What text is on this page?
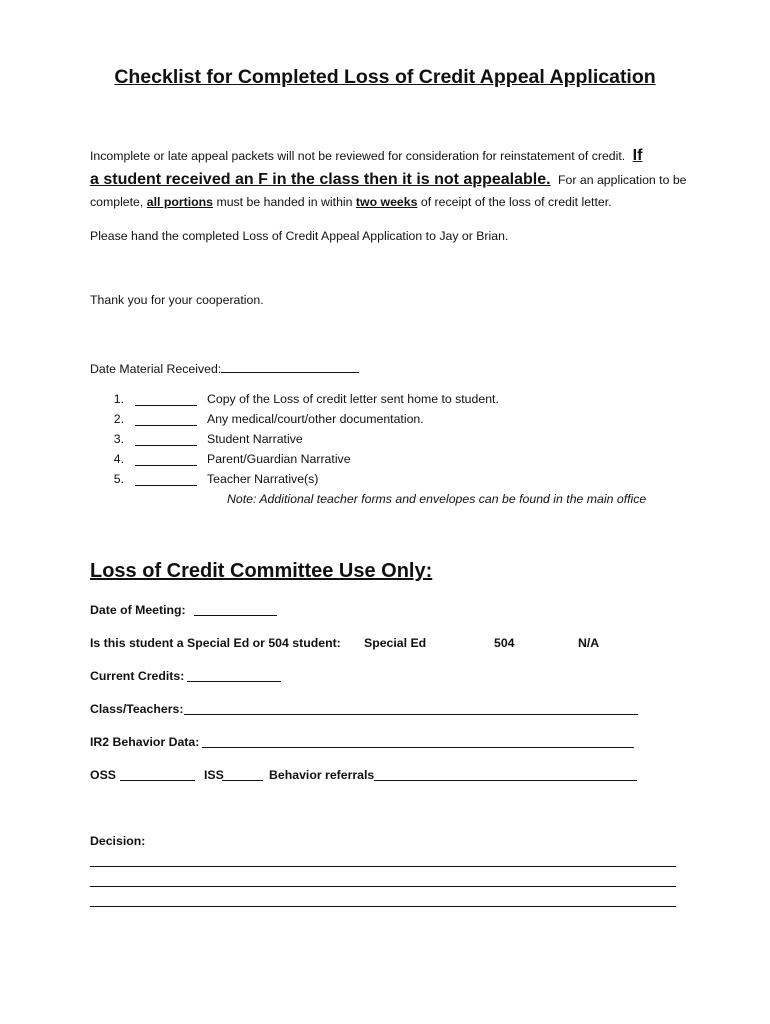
Checklist for Completed Loss of Credit Appeal Application
Incomplete or late appeal packets will not be reviewed for consideration for reinstatement of credit. If
a student received an F in the class then it is not appealable. For an application to be
complete, all portions must be handed in within two weeks of receipt of the loss of credit letter.
Please hand the completed Loss of Credit Appeal Application to Jay or Brian.
Thank you for your cooperation.
Date Material Received:
1.	Copy of the Loss of credit letter sent home to student.
2.	Any medical/court/other documentation.
3.	Student Narrative
4.	Parent/Guardian Narrative
5.	Teacher Narrative(s)
Note: Additional teacher forms and envelopes can be found in the main office
Loss of Credit Committee Use Only:
Date of Meeting:
Is this student a Special Ed or 504 student: Special Ed	504	N/A
Current Credits:
Class/Teachers:
IR2 Behavior Data:
OSS	ISS	Behavior referrals
Decision:
